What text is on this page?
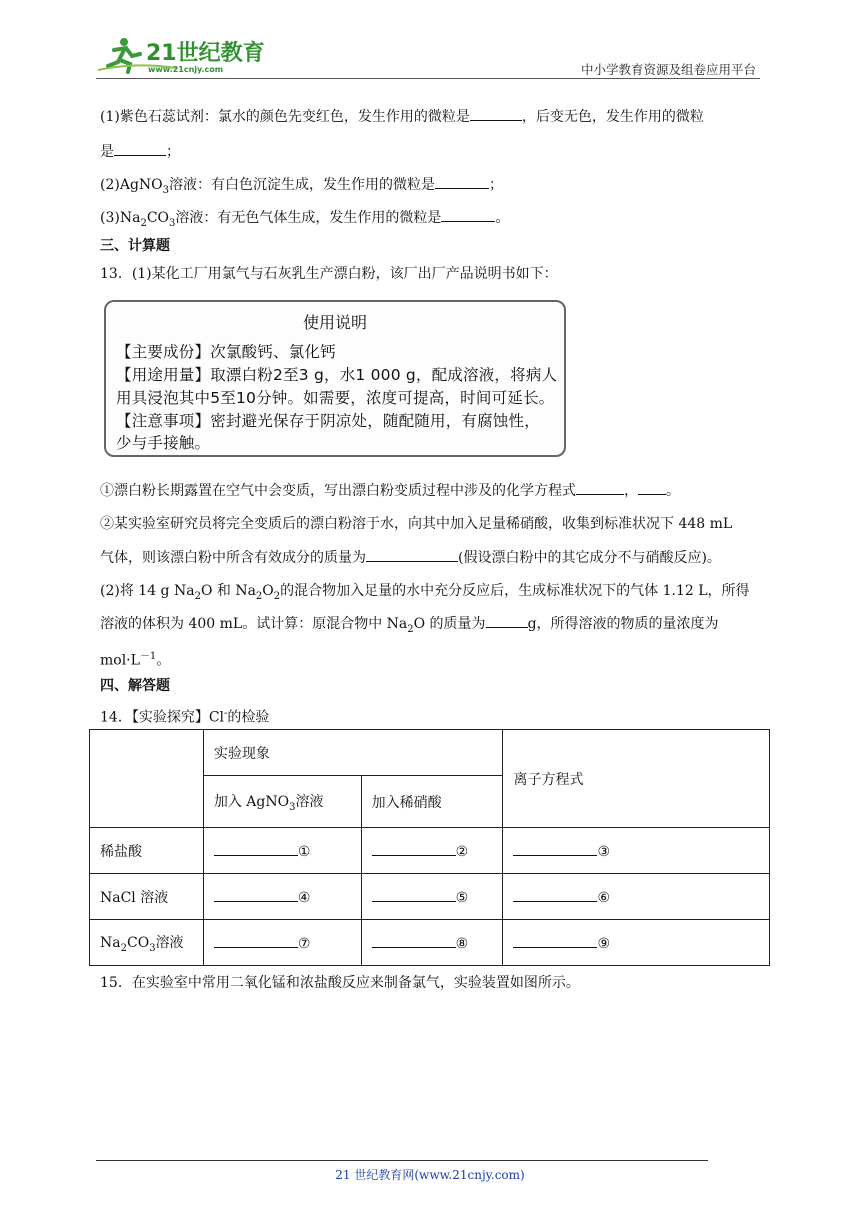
21世纪教育
www.21cnjy.com	中小学教育资源及组卷应用平台
(1)紫色石蕊试剂：氯水的颜色先变红色，发生作用的微粒是	，后变无色，发生作用的微粒
是	；
(2)AgNO$_3$溶液：有白色沉淀生成，发生作用的微粒是	；
$(3)Na_2CO_3$溶液：有无色气体生成，发生作用的微粒是	。
三、计算题
13．(1)某化工厂用氯气与石灰乳生产漂白粉，该厂出厂产品说明书如下：
使用说明
【主要成份】次氯酸钙、氯化钙
【用途用量】取漂白粉2至3 g，水1 000 g，配成溶液，将病人
用具浸泡其中5至10分钟。如需要，浓度可提高，时间可延长。
【注意事项】密封避光保存于阴凉处，随配随用，有腐蚀性，
少与手接触。
①漂白粉长期露置在空气中会变质，写出漂白粉变质过程中涉及的化学方程式	， 。
②某实验室研究员将完全变质后的漂白粉溶于水，向其中加入足量稀硝酸，收集到标准状况下 448 mL
气体，则该漂白粉中所含有效成分的质量为	(假设漂白粉中的其它成分不与硝酸反应)。
(2)将 14 g $Na_2O$ 和 $Na_2O_2$的混合物加入足量的水中充分反应后，生成标准状况下的气体 1.12 L，所得
溶液的体积为 400 mL。试计算：原混合物中 $Na_2O$ 的质量为	g，所得溶液的物质的量浓度为
$mol\cdot L^{-1}$。
四、解答题
14．【实验探究】Cl-的检验
	实验现象		离子方程式
	加入 AgNO$_3$溶液	加入稀硝酸	
稀盐酸	①	②	③
NaCl 溶液	④	⑤	⑥
$Na_2CO_3$溶液	⑦	⑧	⑨
15．在实验室中常用二氧化锰和浓盐酸反应来制备氯气，实验装置如图所示。
21 世纪教育网(www.21cnjy.com)
